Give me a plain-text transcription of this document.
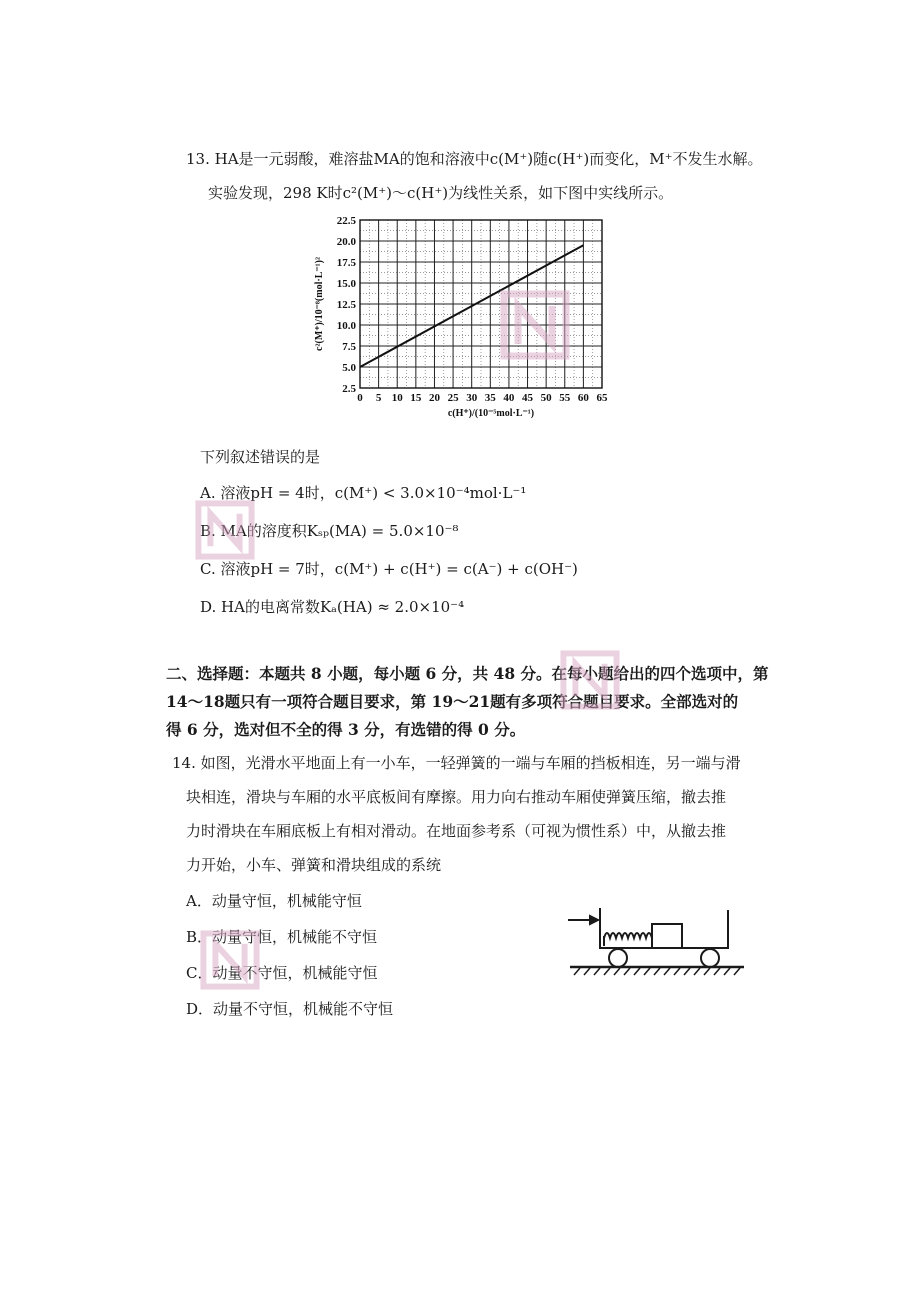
13. HA是一元弱酸，难溶盐MA的饱和溶液中c(M⁺)随c(H⁺)而变化，M⁺不发生水解。
实验发现，298 K时c²(M⁺)～c(H⁺)为线性关系，如下图中实线所示。
0 5 10 15 20 25 30 35 40 45 50 55 60 65
2.5
5.0
7.5
10.0
12.5
15.0
17.5
20.0
22.5
c(H⁺)/(10⁻⁵mol·L⁻¹)
c²(M⁺)/10⁻⁸(mol·L⁻¹)²
下列叙述错误的是
A. 溶液pH = 4时，c(M⁺) < 3.0×10⁻⁴mol·L⁻¹
B. MA的溶度积Kₛₚ(MA) = 5.0×10⁻⁸
C. 溶液pH = 7时，c(M⁺) + c(H⁺) = c(A⁻) + c(OH⁻)
D. HA的电离常数Kₐ(HA) ≈ 2.0×10⁻⁴
二、选择题：本题共 8 小题，每小题 6 分，共 48 分。在每小题给出的四个选项中，第
14～18题只有一项符合题目要求，第 19～21题有多项符合题目要求。全部选对的
得 6 分，选对但不全的得 3 分，有选错的得 0 分。
14. 如图，光滑水平地面上有一小车，一轻弹簧的一端与车厢的挡板相连，另一端与滑
块相连，滑块与车厢的水平底板间有摩擦。用力向右推动车厢使弹簧压缩，撤去推
力时滑块在车厢底板上有相对滑动。在地面参考系（可视为惯性系）中，从撤去推
力开始，小车、弹簧和滑块组成的系统
A．动量守恒，机械能守恒
B．动量守恒，机械能不守恒
C．动量不守恒，机械能守恒
D．动量不守恒，机械能不守恒
